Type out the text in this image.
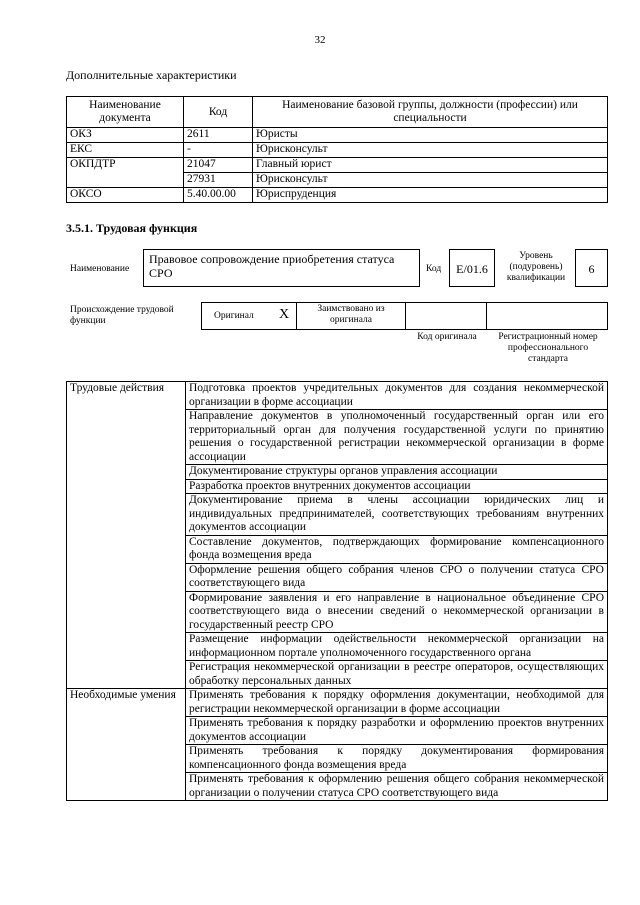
32
Дополнительные характеристики
Наименование документа	Код	Наименование базовой группы, должности (профессии) или специальности
ОКЗ	2611	Юристы
ЕКС	-	Юрисконсульт
ОКПДТР	21047	Главный юрист
	27931	Юрисконсульт
ОКСО	5.40.00.00	Юриспруденция
3.5.1. Трудовая функция
Наименование
Правовое сопровождение приобретения статуса СРО	Код	E/01.6
Уровень (подуровень) квалификации
6
Происхождение трудовой функции	Оригинал X	Заимствовано из оригинала
Код оригинала	Регистрационный номер профессионального стандарта
Трудовые действия	Подготовка проектов учредительных документов для создания некоммерческой организации в форме ассоциации
	Направление документов в уполномоченный государственный орган или его территориальный орган для получения государственной услуги по принятию решения о государственной регистрации некоммерческой организации в форме ассоциации
	Документирование структуры органов управления ассоциации
	Разработка проектов внутренних документов ассоциации
	Документирование приема в члены ассоциации юридических лиц и индивидуальных предпринимателей, соответствующих требованиям внутренних документов ассоциации
	Составление документов, подтверждающих формирование компенсационного фонда возмещения вреда
	Оформление решения общего собрания членов СРО о получении статуса СРО соответствующего вида
	Формирование заявления и его направление в национальное объединение СРО соответствующего вида о внесении сведений о некоммерческой организации в государственный реестр СРО
	Размещение информации одействельности некоммерческой организации на информационном портале уполномоченного государственного органа
	Регистрация некоммерческой организации в реестре операторов, осуществляющих обработку персональных данных
Необходимые умения	Применять требования к порядку оформления документации, необходимой для регистрации некоммерческой организации в форме ассоциации
	Применять требования к порядку разработки и оформлению проектов внутренних документов ассоциации
	Применять требования к порядку документирования формирования компенсационного фонда возмещения вреда
	Применять требования к оформлению решения общего собрания некоммерческой организации о получении статуса СРО соответствующего вида
